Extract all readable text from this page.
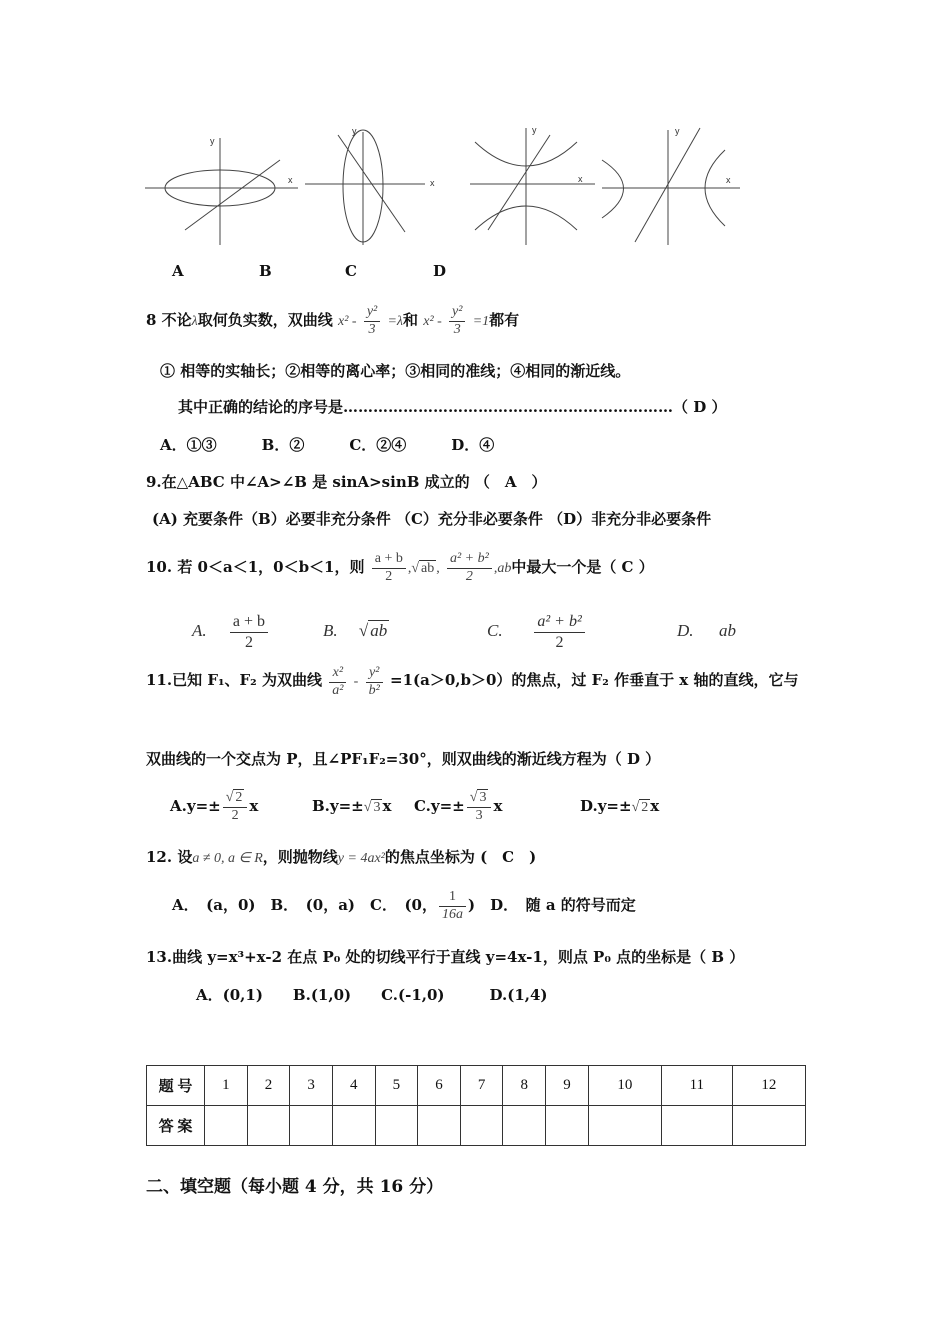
x
y
x
y
x
y
x
y
A	B	C	D
8 不论λ取何负实数，双曲线 $x^2 - \frac{\text{y²}}{3} =\lambda$和 $x^2 - \frac{\text{y²}}{3} =1$都有
① 相等的实轴长；②相等的离心率；③相同的准线；④相同的渐近线。
其中正确的结论的序号是…………………………………………………………（ D ）
A．①③　　　B．②　　　C．②④　　　D．④
9.在△ABC 中∠A>∠B 是 sinA>sinB 成立的 （　A　）
(A) 充要条件（B）必要非充分条件 （C）充分非必要条件 （D）非充分非必要条件
10. 若 0＜a＜1，0＜b＜1，则 $\frac{a + b}{2}$ ,√ ab , $\frac{\text{a² + b²}}{2} ,ab$中最大一个是（ C ）
A. $\frac{a + b}{2}$	B.     √ ab	C. $\frac{\text{a² + b²}}{2}$	D. ab
11.已知 F₁、F₂ 为双曲线 $\frac{\text{x²}}{\text{a²}} - \frac{\text{y²}}{\text{b²}} =1(a>0,b>0)$的焦点，过 F₂ 作垂直于 x 轴的直线，它与
双曲线的一个交点为 P，且∠PF₁F₂=30°，则双曲线的渐近线方程为（ D ）
$A.y=\pm \frac{√ 2}{2}$ x	B.y=±√ 3 x $C.y=\pm \frac{√ 3}{3}$ x	D.y=±√ 2 x
12. 设a ≠ 0, a ∈ R，则抛物线y = 4ax²的焦点坐标为 (　C　)
A．　(a，0)　B．　(0，a)　C．　(0， $\frac{1}{16a}$ )　D．　随 a 的符号而定
13.曲线 y=x³+x-2 在点 P₀ 处的切线平行于直线 y=4x-1，则点 P₀ 点的坐标是（ B ）
A．(0,1)　　B.(1,0)　　C.(-1,0)　　　D.(1,4)
题 号	1	2	3	4	5	6	7	8	9	10	11	12
答 案												
二、填空题（每小题 4 分，共 16 分）
